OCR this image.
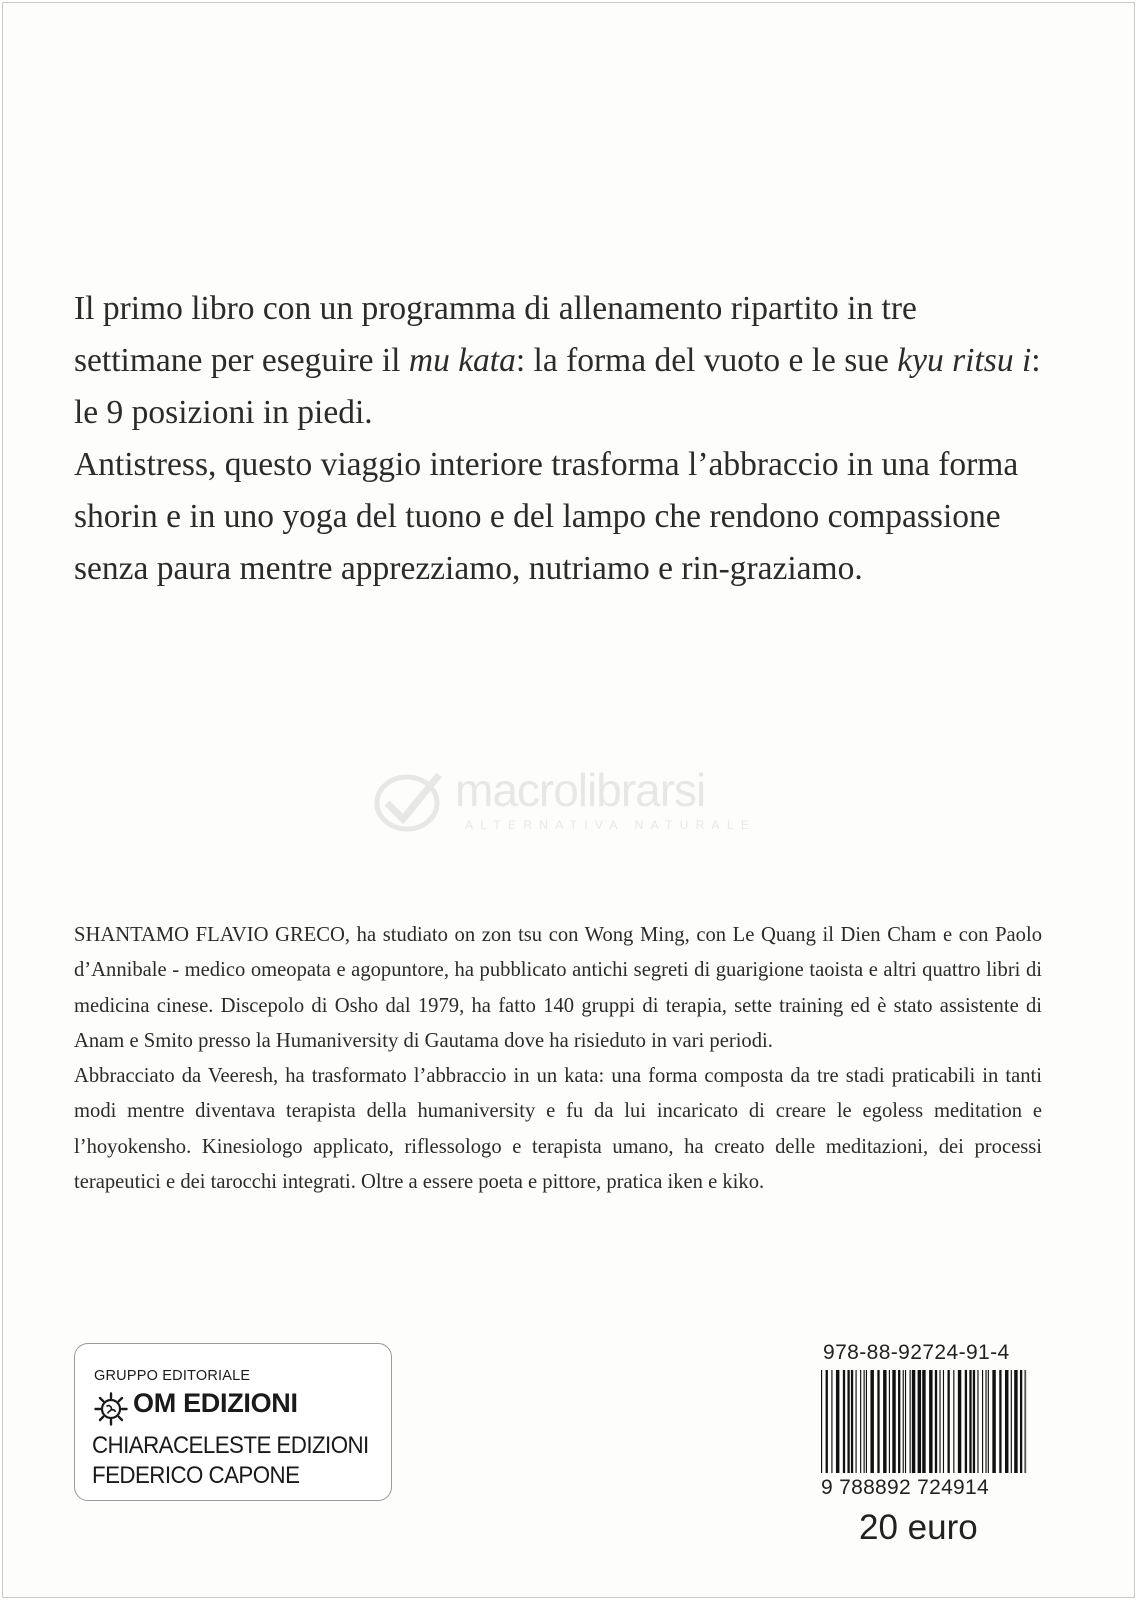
Il primo libro con un programma di allenamento ripartito in tre settimane per eseguire il mu kata: la forma del vuoto e le sue kyu ritsu i: le 9 posizioni in piedi.

Antistress, questo viaggio interiore trasforma l’abbraccio in una forma shorin e in uno yoga del tuono e del lampo che rendono compassione senza paura mentre apprezziamo, nutriamo e rin-graziamo.

macrolibrarsi
ALTERNATIVA NATURALE

SHANTAMO FLAVIO GRECO, ha studiato on zon tsu con Wong Ming, con Le Quang il Dien Cham e con Paolo d’Annibale - medico omeopata e agopuntore, ha pubblicato antichi segreti di guarigione taoista e altri quattro libri di medicina cinese. Discepolo di Osho dal 1979, ha fatto 140 gruppi di terapia, sette training ed è stato assistente di Anam e Smito presso la Humaniversity di Gautama dove ha risieduto in vari periodi.

Abbracciato da Veeresh, ha trasformato l’abbraccio in un kata: una forma composta da tre stadi praticabili in tanti modi mentre diventava terapista della humaniversity e fu da lui incaricato di creare le egoless meditation e l’hoyokensho. Kinesiologo applicato, riflessologo e terapista umano, ha creato delle meditazioni, dei processi terapeutici e dei tarocchi integrati. Oltre a essere poeta e pittore, pratica iken e kiko.

GRUPPO EDITORIALE
OM EDIZIONI
CHIARACELESTE EDIZIONI
FEDERICO CAPONE
978-88-92724-91-4
9 788892 724914
20 euro
